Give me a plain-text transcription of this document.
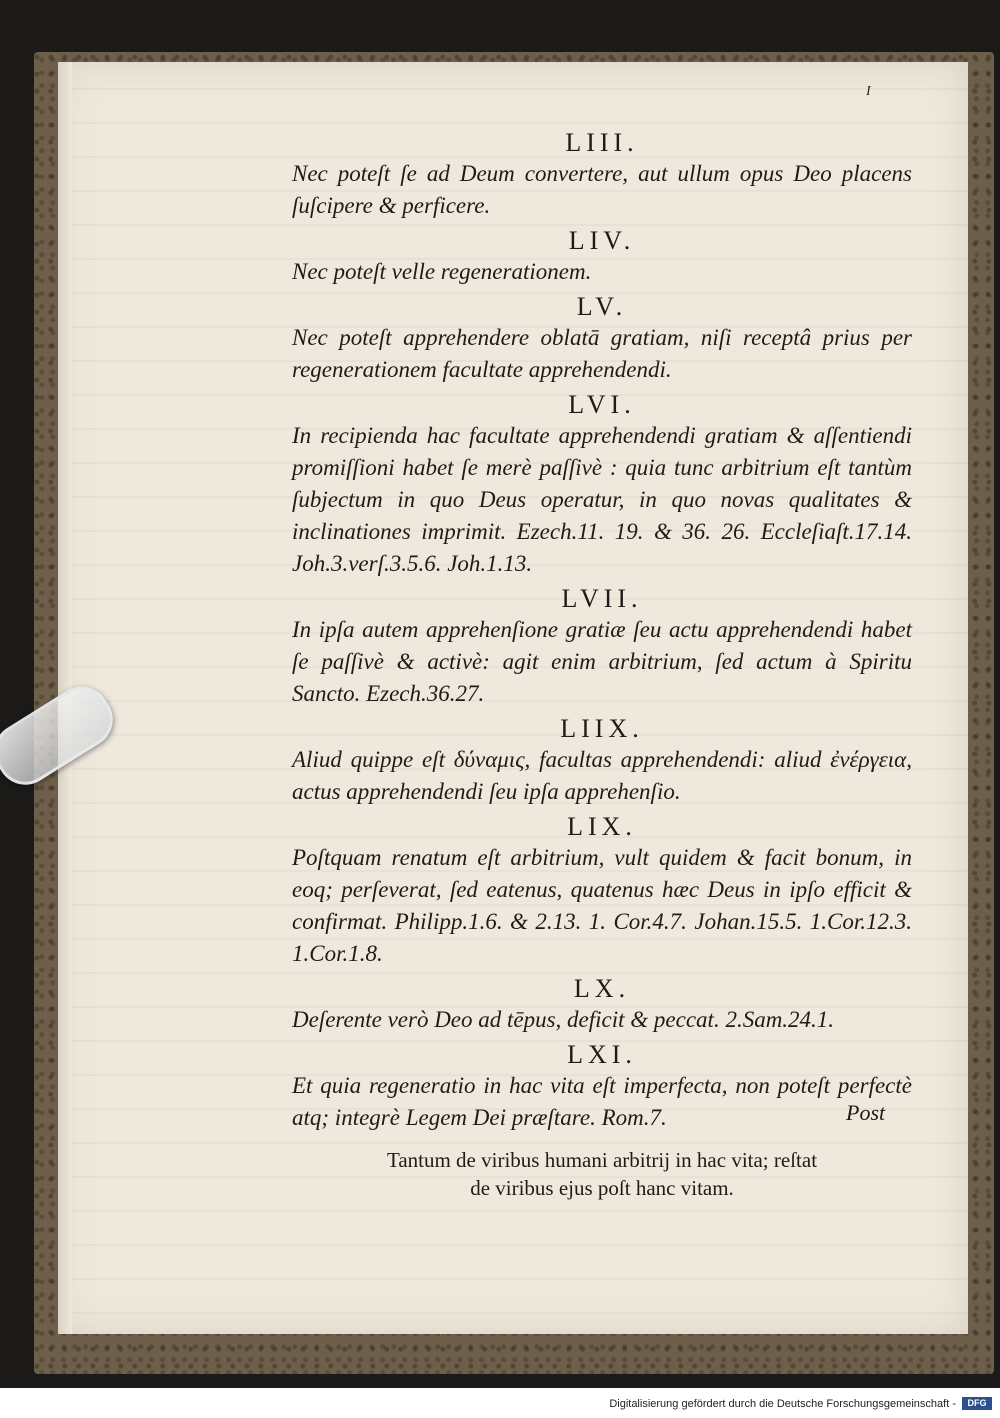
I
LIII.

Nec poteſt ſe ad Deum convertere, aut ullum opus Deo placens ſuſcipere & perficere.

LIV.

Nec poteſt velle regenerationem.

LV.

Nec poteſt apprehendere oblatā gratiam, niſi receptâ prius per regenerationem facultate apprehendendi.

LVI.

In recipienda hac facultate apprehendendi gratiam & aſſentiendi promiſſioni habet ſe merè paſſivè : quia tunc arbitrium eſt tantùm ſubjectum in quo Deus operatur, in quo novas qualitates & inclinationes imprimit. Ezech.11. 19. & 36. 26. Eccleſiaſt.17.14. Joh.3.verſ.3.5.6. Joh.1.13.

LVII.

In ipſa autem apprehenſione gratiæ ſeu actu apprehendendi habet ſe paſſivè & activè: agit enim arbitrium, ſed actum à Spiritu Sancto. Ezech.36.27.

LIIX.

Aliud quippe eſt δύναμις, facultas apprehendendi: aliud ἐνέργεια, actus apprehendendi ſeu ipſa apprehenſio.

LIX.

Poſtquam renatum eſt arbitrium, vult quidem & facit bonum, in eoq; perſeverat, ſed eatenus, quatenus hæc Deus in ipſo efficit & confirmat. Philipp.1.6. & 2.13. 1. Cor.4.7. Johan.15.5. 1.Cor.12.3. 1.Cor.1.8.

LX.

Deſerente verò Deo ad tēpus, deficit & peccat. 2.Sam.24.1.

LXI.

Et quia regeneratio in hac vita eſt imperfecta, non poteſt perfectè atq; integrè Legem Dei præſtare. Rom.7.

Tantum de viribus humani arbitrij in hac vita; reſtat
de viribus ejus poſt hanc vitam.

Post
Digitalisierung gefördert durch die Deutsche Forschungsgemeinschaft -	DFG
